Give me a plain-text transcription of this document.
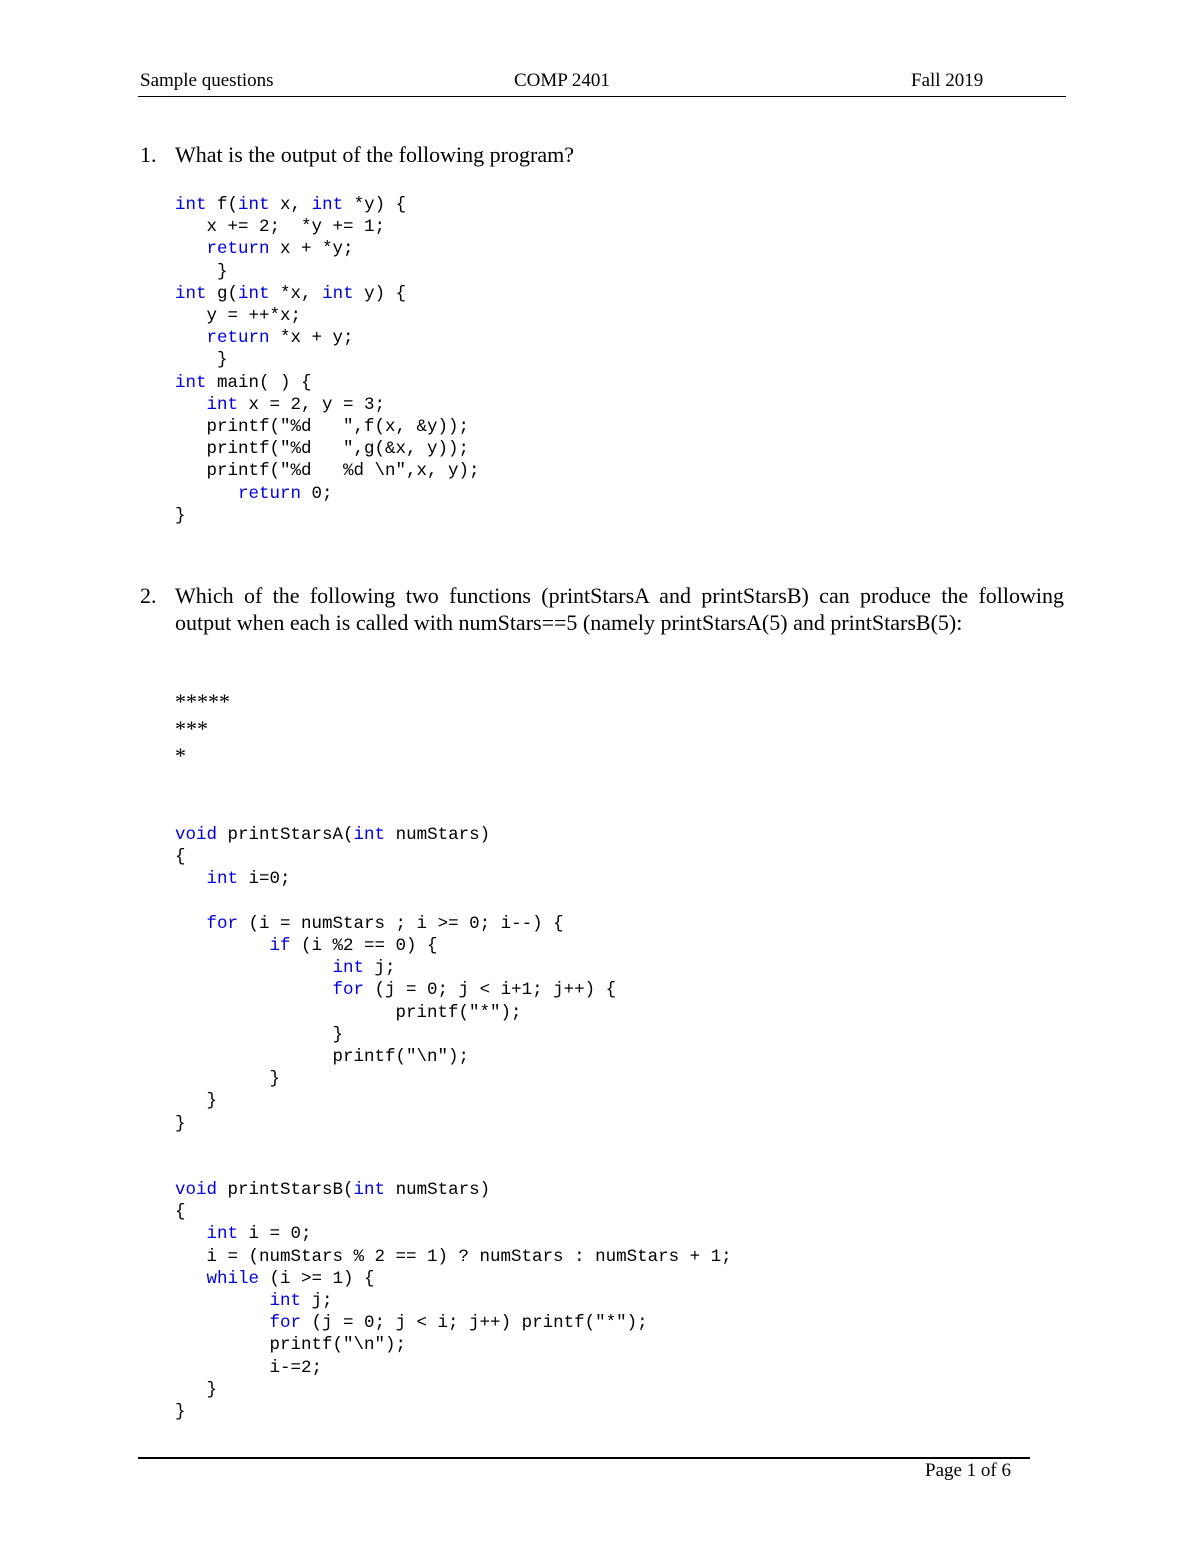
Sample questions	COMP 2401	Fall 2019
1. What is the output of the following program?
int f(int x, int *y) {
x += 2;  *y += 1;
return x + *y;
}
int g(int *x, int y) {
y = ++*x;
return *x + y;
}
int main( ) {
int x = 2, y = 3;
printf("%d   ",f(x, &y));
printf("%d   ",g(&x, y));
printf("%d   %d \n",x, y);
return 0;
}
2. Which of the following two functions (printStarsA and printStarsB) can produce the following output when each is called with numStars==5 (namely printStarsA(5) and printStarsB(5):
*****
***
*
void printStarsA(int numStars)
{
int i=0;

for (i = numStars ; i >= 0; i--) {
if (i %2 == 0) {
int j;
for (j = 0; j < i+1; j++) {
printf("*");
}
printf("\n");
}
}
}
void printStarsB(int numStars)
{
int i = 0;
i = (numStars % 2 == 1) ? numStars : numStars + 1;
while (i >= 1) {
int j;
for (j = 0; j < i; j++) printf("*");
printf("\n");
i-=2;
}
}
Page 1 of 6
